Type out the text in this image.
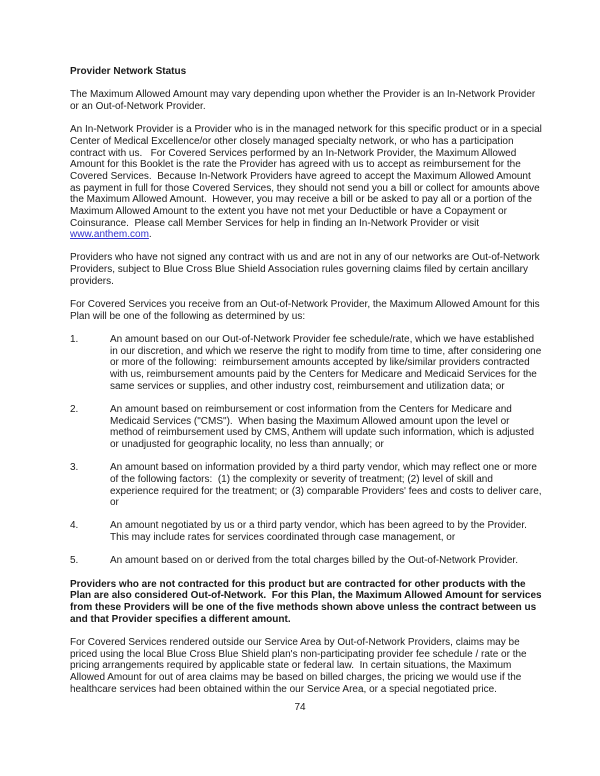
Provider Network Status

The Maximum Allowed Amount may vary depending upon whether the Provider is an In-Network Provider or an Out-of-Network Provider.

An In-Network Provider is a Provider who is in the managed network for this specific product or in a special Center of Medical Excellence/or other closely managed specialty network, or who has a participation contract with us.   For Covered Services performed by an In-Network Provider, the Maximum Allowed Amount for this Booklet is the rate the Provider has agreed with us to accept as reimbursement for the Covered Services.  Because In-Network Providers have agreed to accept the Maximum Allowed Amount as payment in full for those Covered Services, they should not send you a bill or collect for amounts above the Maximum Allowed Amount.  However, you may receive a bill or be asked to pay all or a portion of the Maximum Allowed Amount to the extent you have not met your Deductible or have a Copayment or Coinsurance.  Please call Member Services for help in finding an In-Network Provider or visit www.anthem.com.

Providers who have not signed any contract with us and are not in any of our networks are Out-of-Network Providers, subject to Blue Cross Blue Shield Association rules governing claims filed by certain ancillary providers.

For Covered Services you receive from an Out-of-Network Provider, the Maximum Allowed Amount for this Plan will be one of the following as determined by us:

1.	An amount based on our Out-of-Network Provider fee schedule/rate, which we have established in our discretion, and which we reserve the right to modify from time to time, after considering one or more of the following:  reimbursement amounts accepted by like/similar providers contracted with us, reimbursement amounts paid by the Centers for Medicare and Medicaid Services for the same services or supplies, and other industry cost, reimbursement and utilization data; or
2.	An amount based on reimbursement or cost information from the Centers for Medicare and Medicaid Services ("CMS").  When basing the Maximum Allowed amount upon the level or method of reimbursement used by CMS, Anthem will update such information, which is adjusted or unadjusted for geographic locality, no less than annually; or
3.	An amount based on information provided by a third party vendor, which may reflect one or more of the following factors:  (1) the complexity or severity of treatment; (2) level of skill and experience required for the treatment; or (3) comparable Providers' fees and costs to deliver care, or
4.	An amount negotiated by us or a third party vendor, which has been agreed to by the Provider.  This may include rates for services coordinated through case management, or
5.	An amount based on or derived from the total charges billed by the Out-of-Network Provider.

Providers who are not contracted for this product but are contracted for other products with the Plan are also considered Out-of-Network.  For this Plan, the Maximum Allowed Amount for services from these Providers will be one of the five methods shown above unless the contract between us and that Provider specifies a different amount.

For Covered Services rendered outside our Service Area by Out-of-Network Providers, claims may be priced using the local Blue Cross Blue Shield plan's non-participating provider fee schedule / rate or the pricing arrangements required by applicable state or federal law.  In certain situations, the Maximum Allowed Amount for out of area claims may be based on billed charges, the pricing we would use if the healthcare services had been obtained within the our Service Area, or a special negotiated price.

74
